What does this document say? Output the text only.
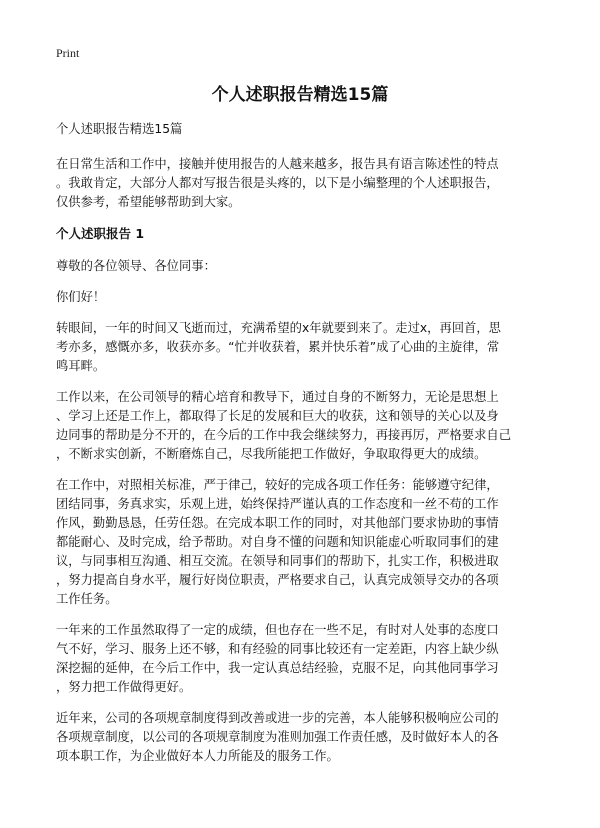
Print
个人述职报告精选15篇

个人述职报告精选15篇

在日常生活和工作中，接触并使用报告的人越来越多，报告具有语言陈述性的特点
。我敢肯定，大部分人都对写报告很是头疼的，以下是小编整理的个人述职报告，
仅供参考，希望能够帮助到大家。

个人述职报告 1

尊敬的各位领导、各位同事：

你们好！

转眼间，一年的时间又飞逝而过，充满希望的x年就要到来了。走过x，再回首，思
考亦多，感慨亦多，收获亦多。“忙并收获着，累并快乐着”成了心曲的主旋律，常
鸣耳畔。

工作以来，在公司领导的精心培育和教导下，通过自身的不断努力，无论是思想上
、学习上还是工作上，都取得了长足的发展和巨大的收获，这和领导的关心以及身
边同事的帮助是分不开的，在今后的工作中我会继续努力，再接再厉，严格要求自己
，不断求实创新，不断磨炼自己，尽我所能把工作做好，争取取得更大的成绩。

在工作中，对照相关标准，严于律己，较好的完成各项工作任务：能够遵守纪律，
团结同事，务真求实，乐观上进，始终保持严谨认真的工作态度和一丝不苟的工作
作风，勤勤恳恳，任劳任怨。在完成本职工作的同时，对其他部门要求协助的事情
都能耐心、及时完成，给予帮助。对自身不懂的问题和知识能虚心听取同事们的建
议，与同事相互沟通、相互交流。在领导和同事们的帮助下，扎实工作，积极进取
，努力提高自身水平，履行好岗位职责，严格要求自己，认真完成领导交办的各项
工作任务。

一年来的工作虽然取得了一定的成绩，但也存在一些不足，有时对人处事的态度口
气不好，学习、服务上还不够，和有经验的同事比较还有一定差距，内容上缺少纵
深挖掘的延伸，在今后工作中，我一定认真总结经验，克服不足，向其他同事学习
，努力把工作做得更好。

近年来，公司的各项规章制度得到改善或进一步的完善，本人能够积极响应公司的
各项规章制度，以公司的各项规章制度为准则加强工作责任感，及时做好本人的各
项本职工作，为企业做好本人力所能及的服务工作。
